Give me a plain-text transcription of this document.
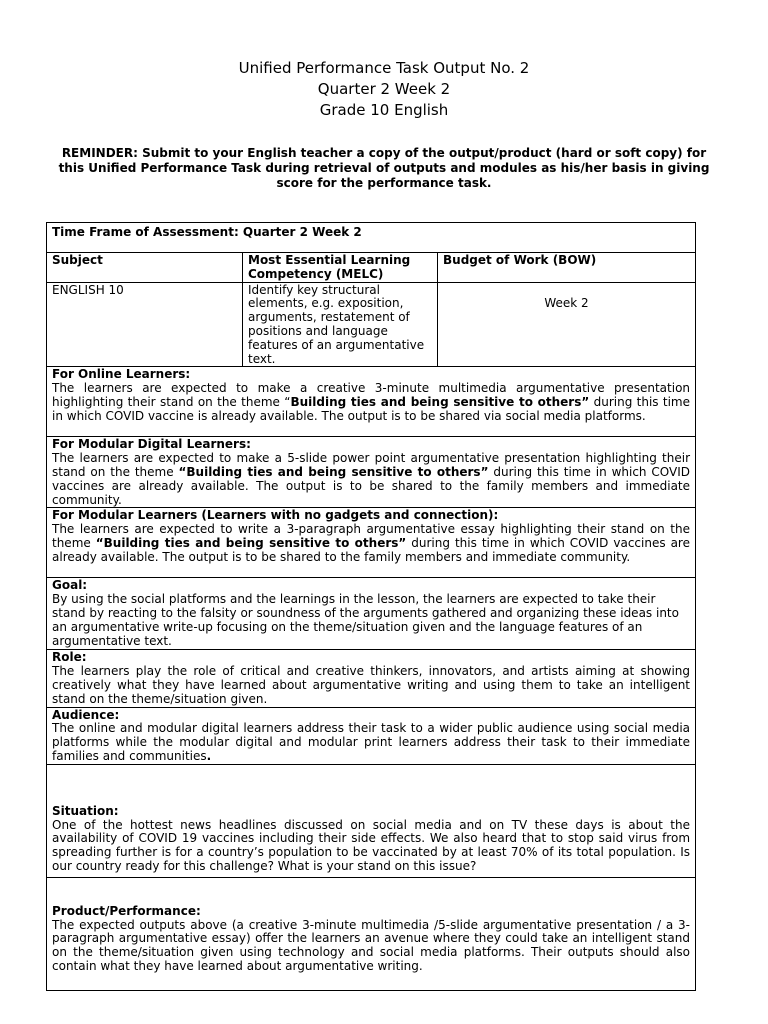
Unified Performance Task Output No. 2
Quarter 2 Week 2
Grade 10 English
REMINDER: Submit to your English teacher a copy of the output/product (hard or soft copy) for this Unified Performance Task during retrieval of outputs and modules as his/her basis in giving score for the performance task.
Time Frame of Assessment: Quarter 2 Week 2		
Subject	Most Essential Learning Competency (MELC)	Budget of Work (BOW)
ENGLISH 10	Identify key structural elements, e.g. exposition, arguments, restatement of positions and language features of an argumentative text.	Week 2

For Online Learners:
The learners are expected to make a creative 3-minute multimedia argumentative presentation highlighting their stand on the theme “Building ties and being sensitive to others” during this time in which COVID vaccine is already available. The output is to be shared via social media platforms.		

For Modular Digital Learners:
The learners are expected to make a 5-slide power point argumentative presentation highlighting their stand on the theme “Building ties and being sensitive to others” during this time in which COVID vaccines are already available. The output is to be shared to the family members and immediate community.		

For Modular Learners (Learners with no gadgets and connection):
The learners are expected to write a 3-paragraph argumentative essay highlighting their stand on the theme “Building ties and being sensitive to others” during this time in which COVID vaccines are already available. The output is to be shared to the family members and immediate community.		

Goal:
By using the social platforms and the learnings in the lesson, the learners are expected to take their stand by reacting to the falsity or soundness of the arguments gathered and organizing these ideas into an argumentative write-up focusing on the theme/situation given and the language features of an argumentative text.		

Role:
The learners play the role of critical and creative thinkers, innovators, and artists aiming at showing creatively what they have learned about argumentative writing and using them to take an intelligent stand on the theme/situation given.		

Audience:
The online and modular digital learners address their task to a wider public audience using social media platforms while the modular digital and modular print learners address their task to their immediate families and communities.		

Situation:
One of the hottest news headlines discussed on social media and on TV these days is about the availability of COVID 19 vaccines including their side effects. We also heard that to stop said virus from spreading further is for a country’s population to be vaccinated by at least 70% of its total population. Is our country ready for this challenge? What is your stand on this issue?		

Product/Performance:
The expected outputs above (a creative 3-minute multimedia /5-slide argumentative presentation / a 3-paragraph argumentative essay) offer the learners an avenue where they could take an intelligent stand on the theme/situation given using technology and social media platforms. Their outputs should also contain what they have learned about argumentative writing.		
